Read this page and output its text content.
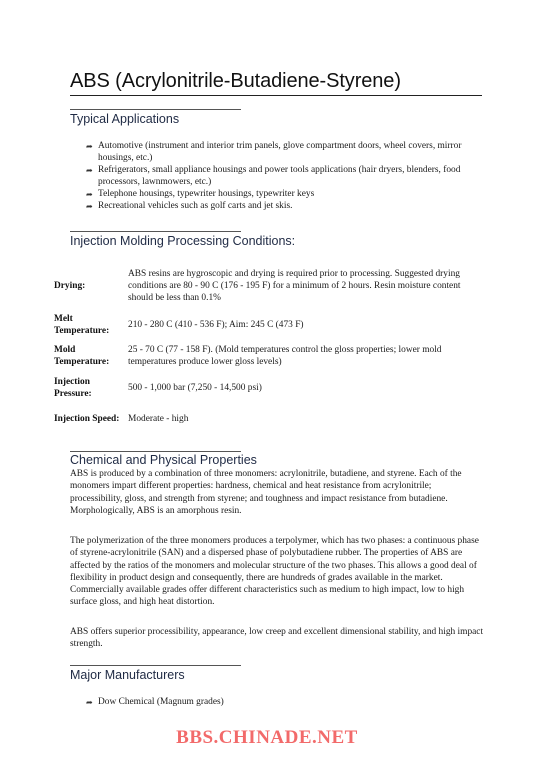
ABS (Acrylonitrile-Butadiene-Styrene)
Typical Applications
➦ Automotive (instrument and interior trim panels, glove compartment doors, wheel covers, mirror housings, etc.)
➦ Refrigerators, small appliance housings and power tools applications (hair dryers, blenders, food processors, lawnmowers, etc.)
➦ Telephone housings, typewriter housings, typewriter keys
➦ Recreational vehicles such as golf carts and jet skis.
Injection Molding Processing Conditions:
Drying:	ABS resins are hygroscopic and drying is required prior to processing. Suggested drying conditions are 80 - 90 C (176 - 195 F) for a minimum of 2 hours. Resin moisture content should be less than 0.1%
Melt Temperature:	210 - 280 C (410 - 536 F); Aim: 245 C (473 F)
Mold Temperature:	25 - 70 C (77 - 158 F). (Mold temperatures control the gloss properties; lower mold temperatures produce lower gloss levels)
Injection Pressure:	500 - 1,000 bar (7,250 - 14,500 psi)
Injection Speed:	Moderate - high
Chemical and Physical Properties

ABS is produced by a combination of three monomers: acrylonitrile, butadiene, and styrene. Each of the monomers impart different properties: hardness, chemical and heat resistance from acrylonitrile; processibility, gloss, and strength from styrene; and toughness and impact resistance from butadiene. Morphologically, ABS is an amorphous resin.

The polymerization of the three monomers produces a terpolymer, which has two phases: a continuous phase of styrene-acrylonitrile (SAN) and a dispersed phase of polybutadiene rubber. The properties of ABS are affected by the ratios of the monomers and molecular structure of the two phases. This allows a good deal of flexibility in product design and consequently, there are hundreds of grades available in the market. Commercially available grades offer different characteristics such as medium to high impact, low to high surface gloss, and high heat distortion.

ABS offers superior processibility, appearance, low creep and excellent dimensional stability, and high impact strength.

Major Manufacturers
➦ Dow Chemical (Magnum grades)
BBS.CHINADE.NET
